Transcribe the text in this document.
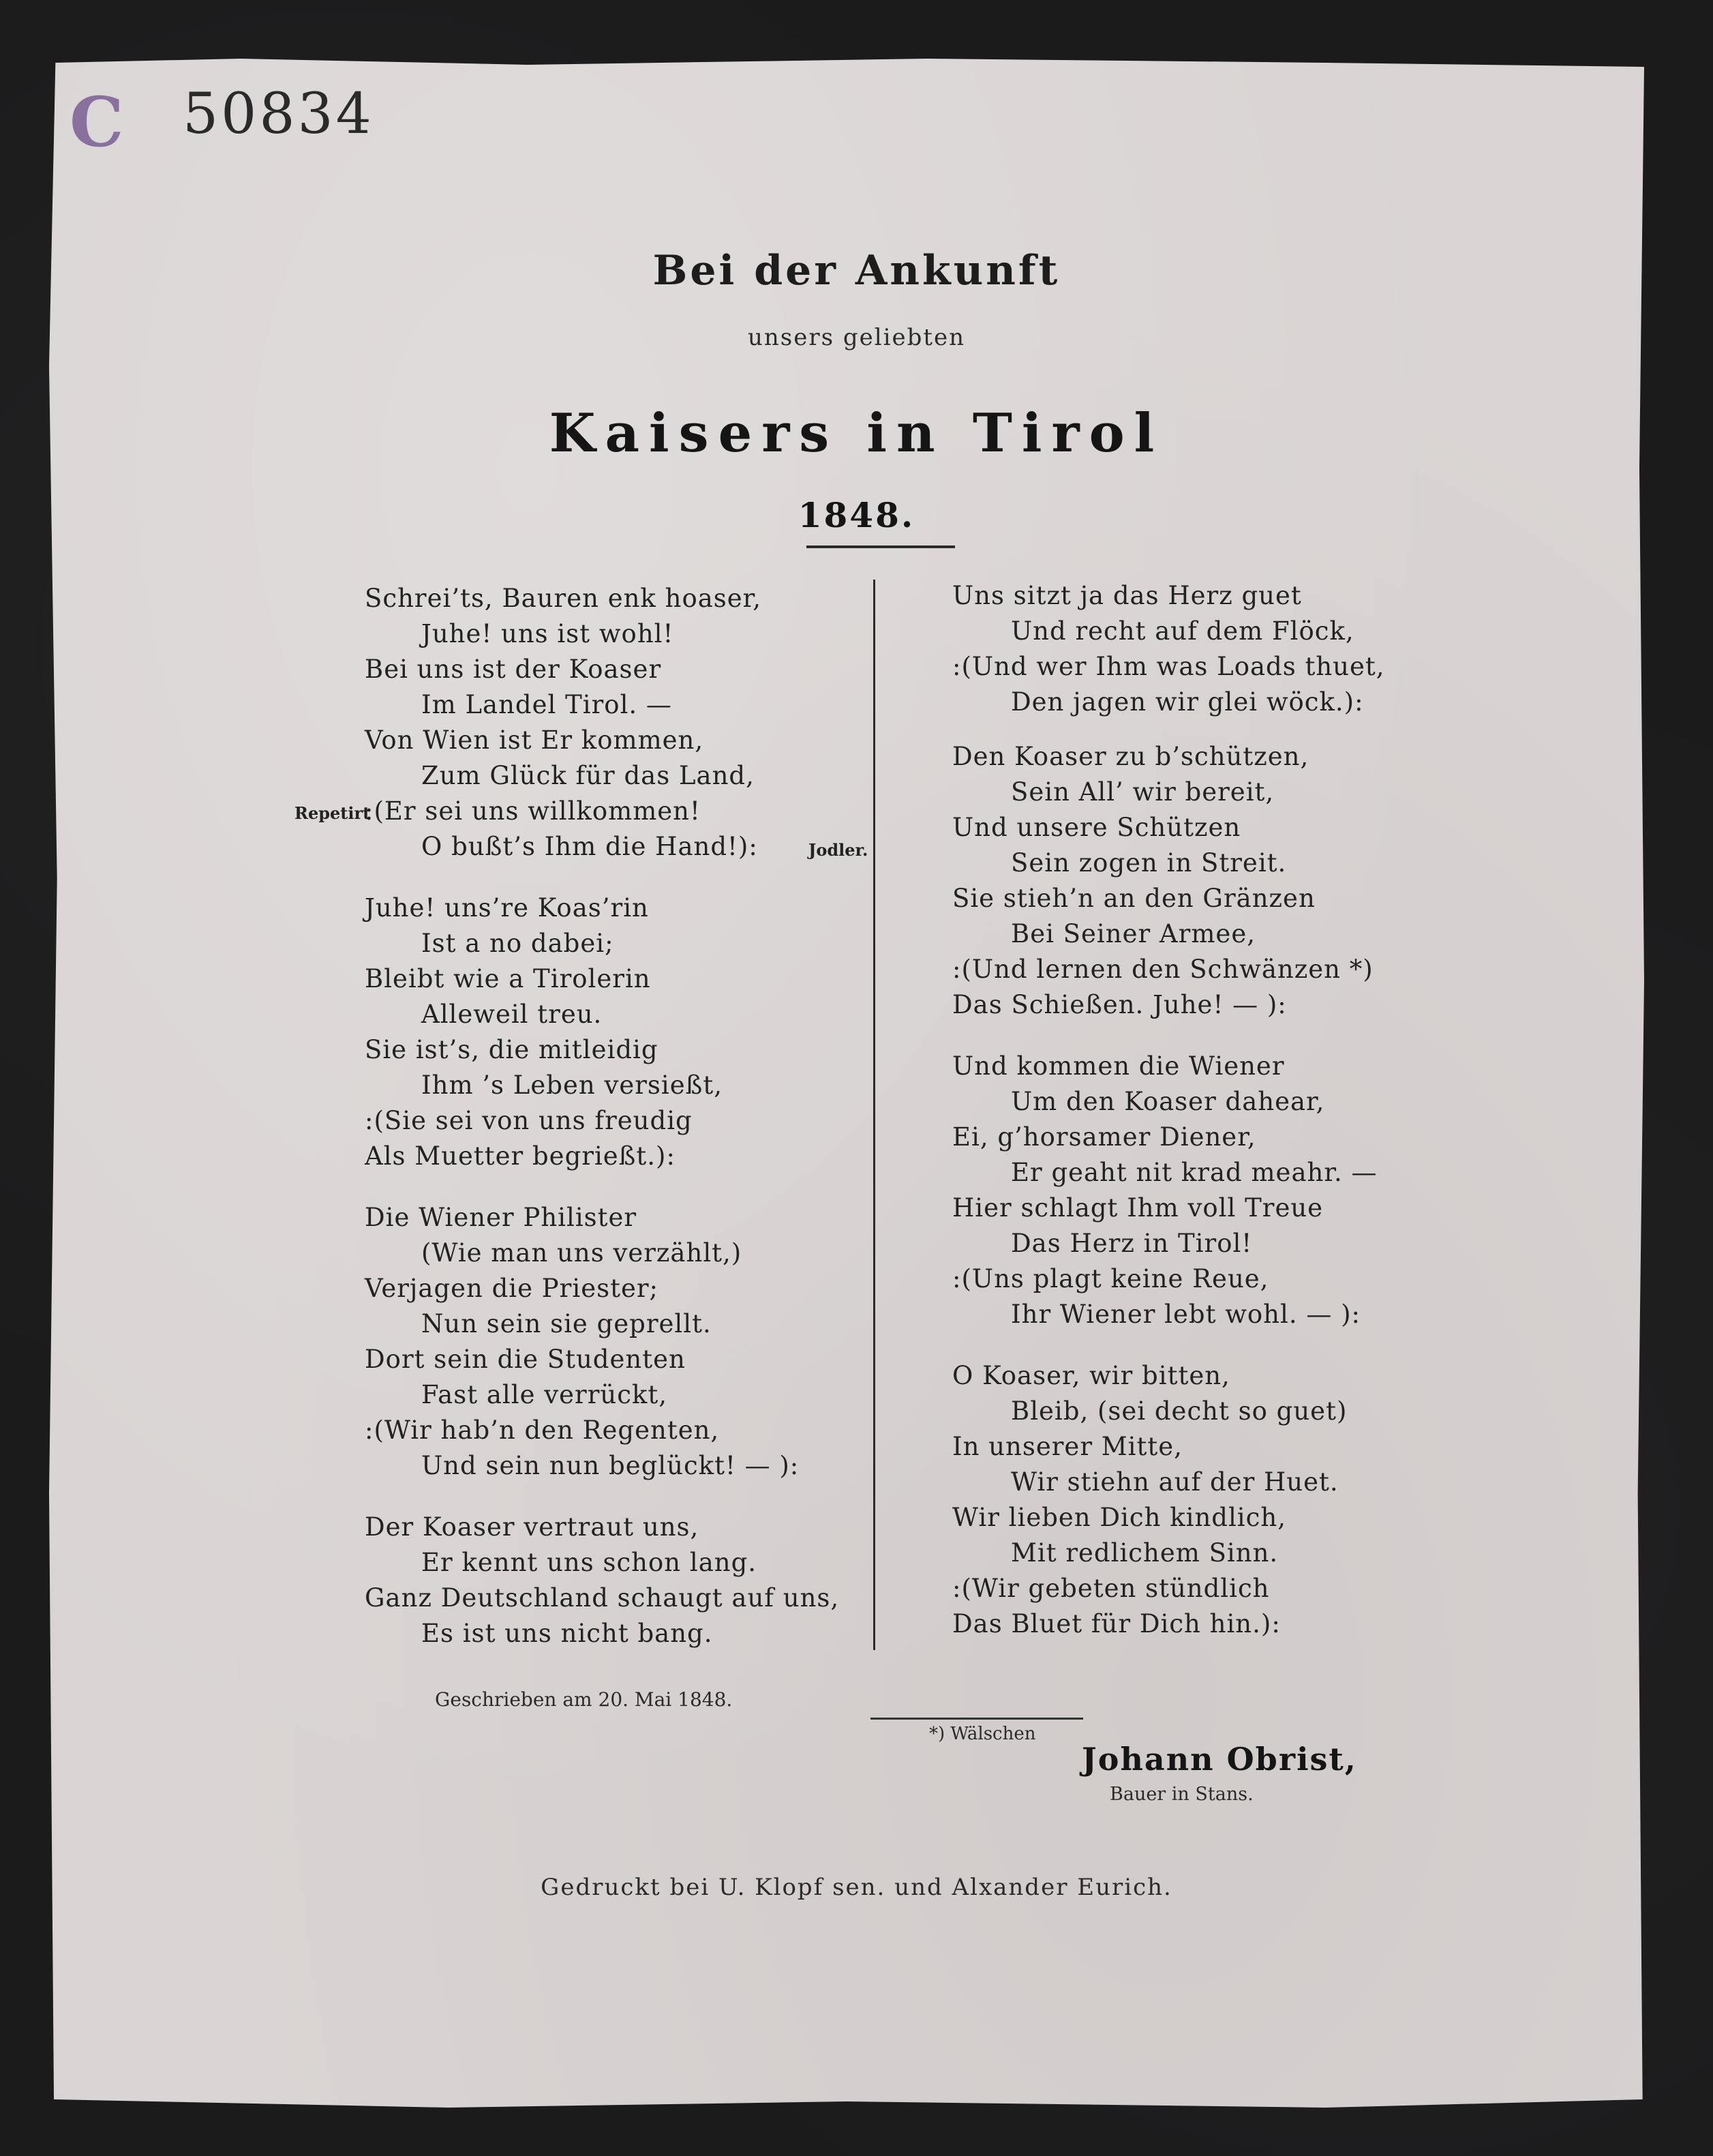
C 50834
Bei der Ankunft
unsers geliebten
Kaisers in Tirol
1848.
Schrei’ts, Bauren enk hoaser,
Juhe! uns ist wohl!
Bei uns ist der Koaser
Im Landel Tirol. —
Von Wien ist Er kommen,
Zum Glück für das Land,
Repetirt
:(Er sei uns willkommen!
O bußt’s Ihm die Hand!):	Jodler.
Juhe! uns’re Koas’rin
Ist a no dabei;
Bleibt wie a Tirolerin
Alleweil treu.
Sie ist’s, die mitleidig
Ihm ’s Leben versießt,
:(Sie sei von uns freudig
Als Muetter begrießt.):
Die Wiener Philister
(Wie man uns verzählt,)
Verjagen die Priester;
Nun sein sie geprellt.
Dort sein die Studenten
Fast alle verrückt,
:(Wir hab’n den Regenten,
Und sein nun beglückt! — ):
Der Koaser vertraut uns,
Er kennt uns schon lang.
Ganz Deutschland schaugt auf uns,
Es ist uns nicht bang.
Uns sitzt ja das Herz guet
Und recht auf dem Flöck,
:(Und wer Ihm was Loads thuet,
Den jagen wir glei wöck.):
Den Koaser zu b’schützen,
Sein All’ wir bereit,
Und unsere Schützen
Sein zogen in Streit.
Sie stieh’n an den Gränzen
Bei Seiner Armee,
:(Und lernen den Schwänzen *)
Das Schießen. Juhe! — ):
Und kommen die Wiener
Um den Koaser dahear,
Ei, g’horsamer Diener,
Er geaht nit krad meahr. —
Hier schlagt Ihm voll Treue
Das Herz in Tirol!
:(Uns plagt keine Reue,
Ihr Wiener lebt wohl. — ):
O Koaser, wir bitten,
Bleib, (sei decht so guet)
In unserer Mitte,
Wir stiehn auf der Huet.
Wir lieben Dich kindlich,
Mit redlichem Sinn.
:(Wir gebeten stündlich
Das Bluet für Dich hin.):
Geschrieben am 20. Mai 1848.
*) Wälschen
Johann Obrist,
Bauer in Stans.
Gedruckt bei U. Klopf sen. und Alxander Eurich.
